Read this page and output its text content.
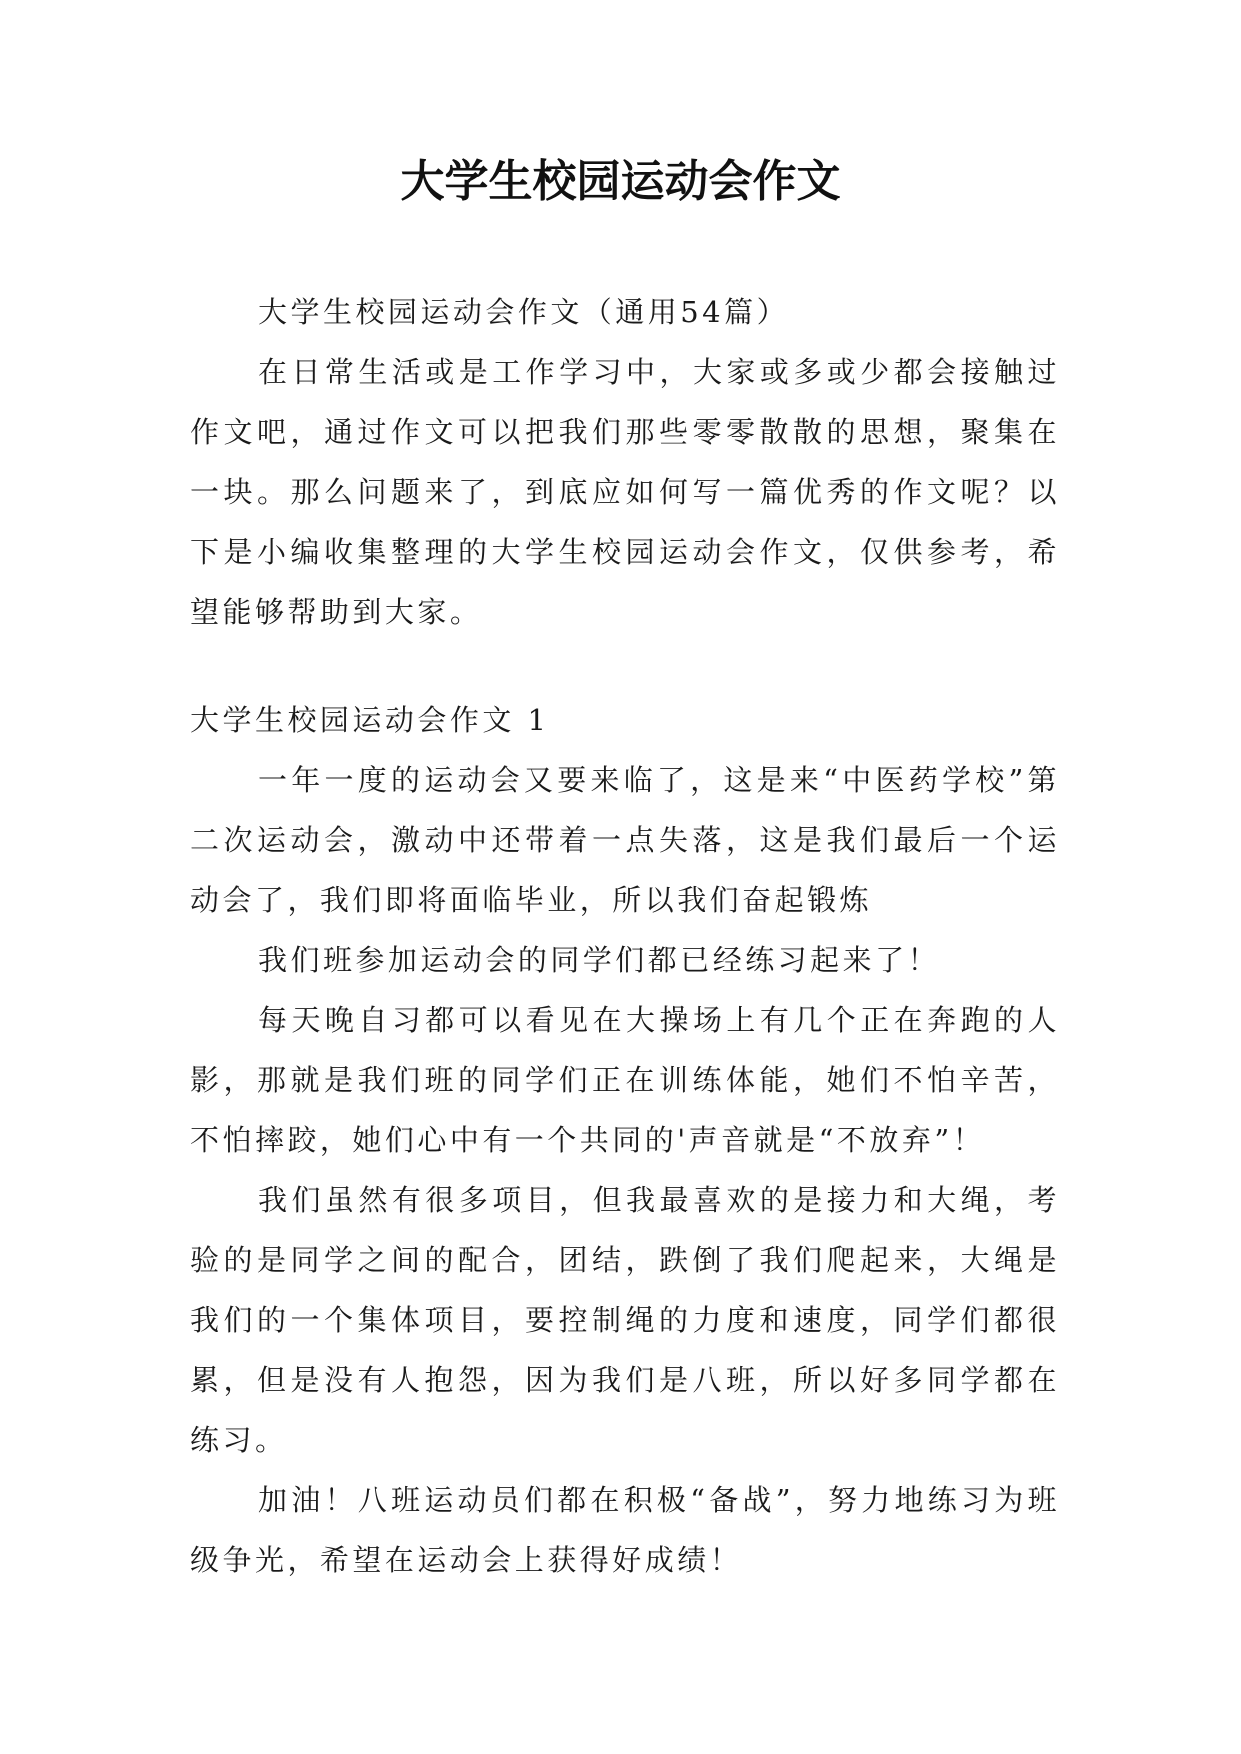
大学生校园运动会作文

大学生校园运动会作文（通用54篇）

在日常生活或是工作学习中，大家或多或少都会接触过作文吧，通过作文可以把我们那些零零散散的思想，聚集在一块。那么问题来了，到底应如何写一篇优秀的作文呢？以下是小编收集整理的大学生校园运动会作文，仅供参考，希望能够帮助到大家。

大学生校园运动会作文 1

一年一度的运动会又要来临了，这是来“中医药学校”第二次运动会，激动中还带着一点失落，这是我们最后一个运动会了，我们即将面临毕业，所以我们奋起锻炼

我们班参加运动会的同学们都已经练习起来了！

每天晚自习都可以看见在大操场上有几个正在奔跑的人影，那就是我们班的同学们正在训练体能，她们不怕辛苦，不怕摔跤，她们心中有一个共同的'声音就是“不放弃”！

我们虽然有很多项目，但我最喜欢的是接力和大绳，考验的是同学之间的配合，团结，跌倒了我们爬起来，大绳是我们的一个集体项目，要控制绳的力度和速度，同学们都很累，但是没有人抱怨，因为我们是八班，所以好多同学都在练习。

加油！八班运动员们都在积极“备战”，努力地练习为班级争光，希望在运动会上获得好成绩！
